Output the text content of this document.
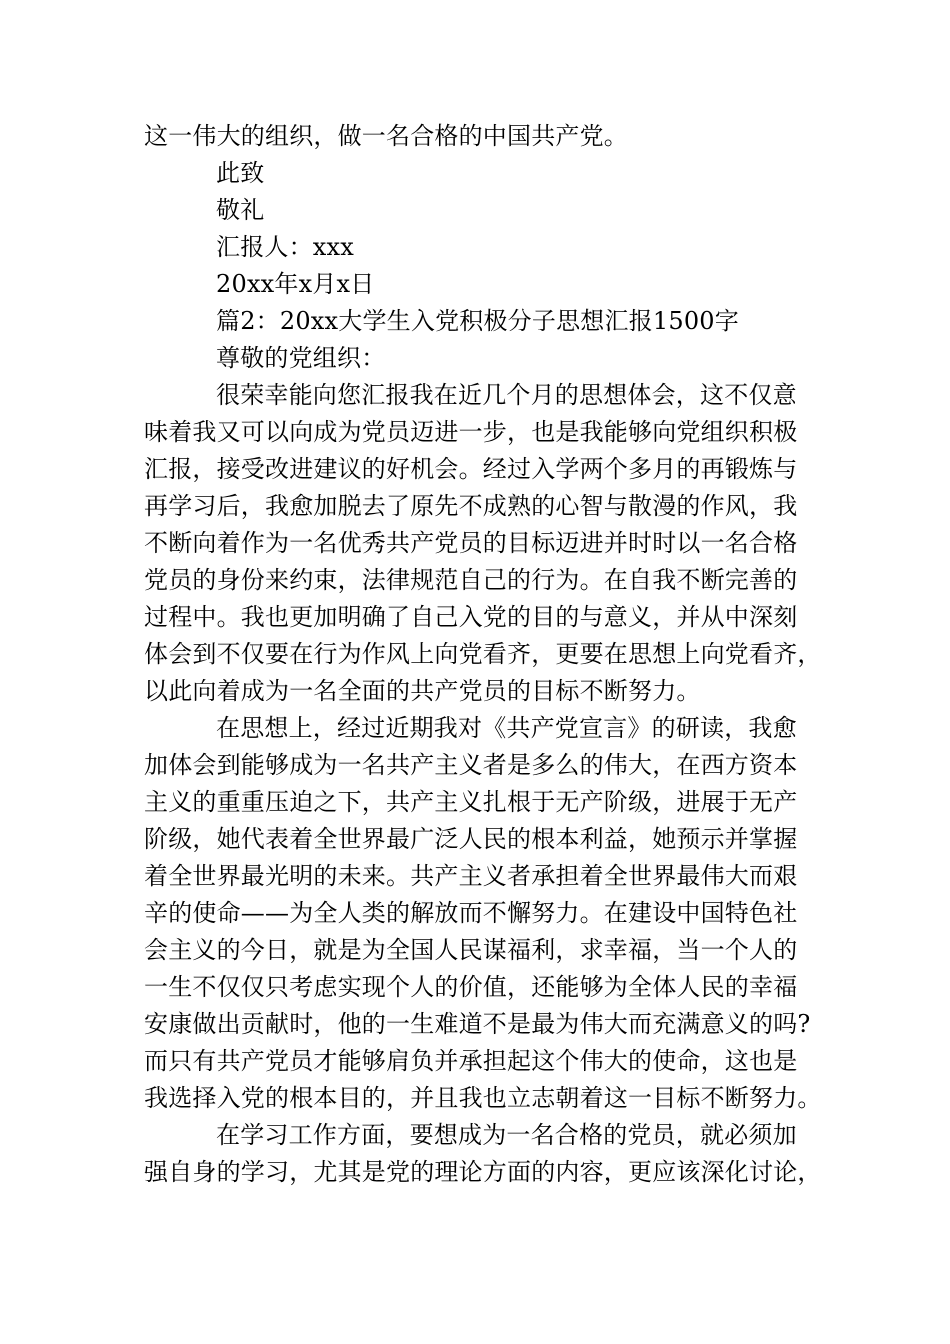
这一伟大的组织，做一名合格的中国共产党。
此致
敬礼
汇报人：xxx
20xx年x月x日
篇2：20xx大学生入党积极分子思想汇报1500字
尊敬的党组织：
很荣幸能向您汇报我在近几个月的思想体会，这不仅意
味着我又可以向成为党员迈进一步，也是我能够向党组织积极
汇报，接受改进建议的好机会。经过入学两个多月的再锻炼与
再学习后，我愈加脱去了原先不成熟的心智与散漫的作风，我
不断向着作为一名优秀共产党员的目标迈进并时时以一名合格
党员的身份来约束，法律规范自己的行为。在自我不断完善的
过程中。我也更加明确了自己入党的目的与意义，并从中深刻
体会到不仅要在行为作风上向党看齐，更要在思想上向党看齐，
以此向着成为一名全面的共产党员的目标不断努力。
在思想上，经过近期我对《共产党宣言》的研读，我愈
加体会到能够成为一名共产主义者是多么的伟大，在西方资本
主义的重重压迫之下，共产主义扎根于无产阶级，进展于无产
阶级，她代表着全世界最广泛人民的根本利益，她预示并掌握
着全世界最光明的未来。共产主义者承担着全世界最伟大而艰
辛的使命——为全人类的解放而不懈努力。在建设中国特色社
会主义的今日，就是为全国人民谋福利，求幸福，当一个人的
一生不仅仅只考虑实现个人的价值，还能够为全体人民的幸福
安康做出贡献时，他的一生难道不是最为伟大而充满意义的吗?
而只有共产党员才能够肩负并承担起这个伟大的使命，这也是
我选择入党的根本目的，并且我也立志朝着这一目标不断努力。
在学习工作方面，要想成为一名合格的党员，就必须加
强自身的学习，尤其是党的理论方面的内容，更应该深化讨论，
